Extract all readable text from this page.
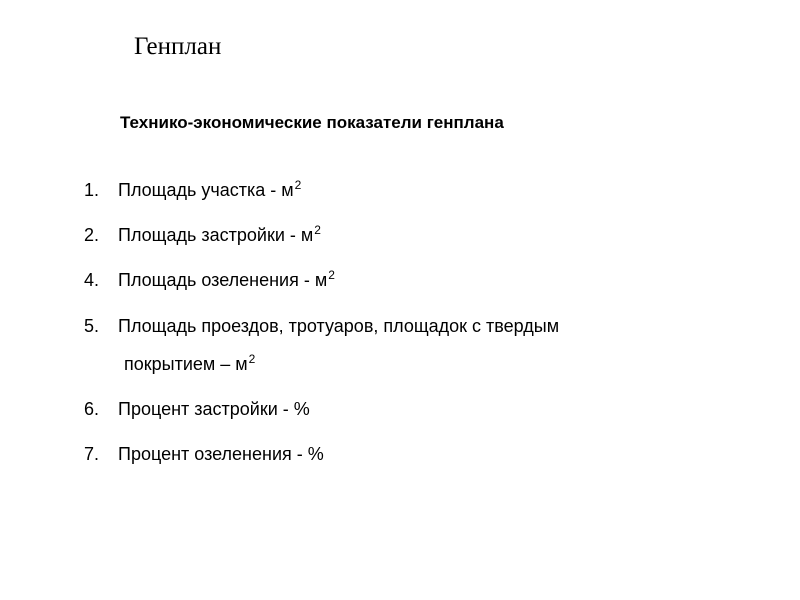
Генплан
Технико-экономические показатели генплана
1. Площадь участка - $м^2$
2. Площадь застройки - $м^2$
4. Площадь озеленения - $м^2$
5. Площадь проездов, тротуаров, площадок с твердым
покрытием – $м^2$
6. Процент застройки - %
7. Процент озеленения - %
